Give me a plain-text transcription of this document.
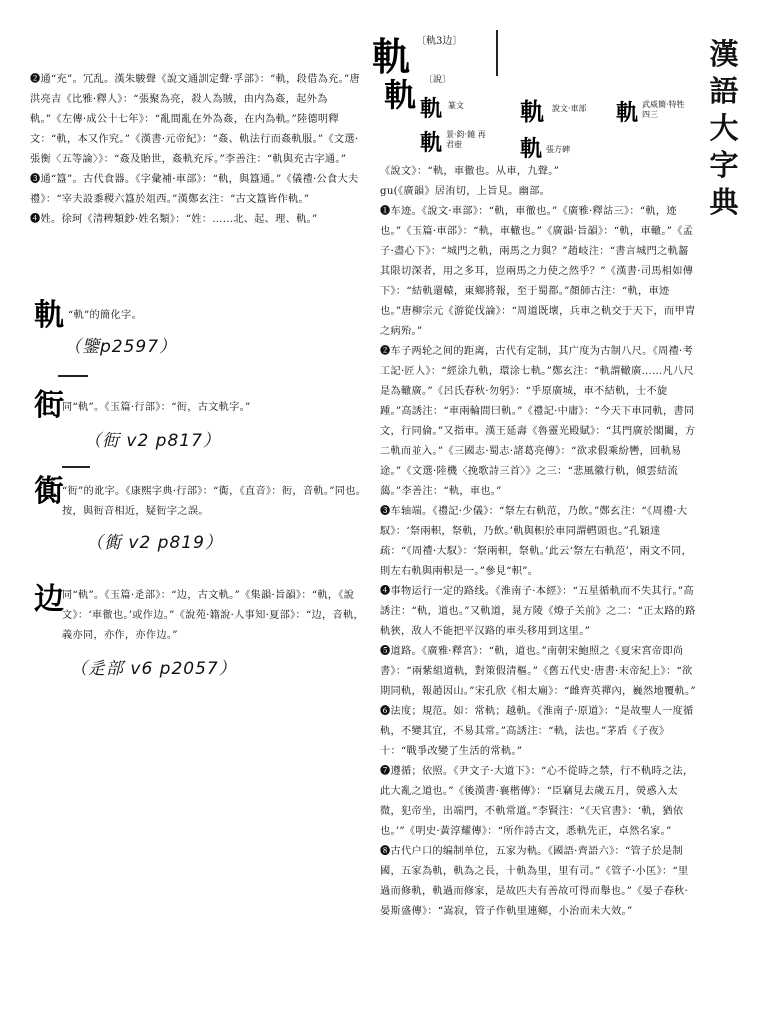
漢
語
大
字
典
軌 〔軌3边〕
軌 〔說〕
軌 篆文 軌 說文·車部 軌 武威簡·特牲四三
軌 景·鈞·鐃 再君壺	軌 張方碑
《說文》：“軌，車徹也。从車，九聲。”
gu(《廣韻》居洧切，上旨見。幽部。
❶车迹。《說文·車部》：“軌，車徹也。”《廣雅·釋詁三》：“軌，迹也。”《玉篇·車部》：“軌，車轍也。”《廣韻·旨韻》：“軌，車轍。”《孟子·盡心下》：“城門之軌，兩馬之力與？”趙岐注：“書言城門之軌齧其限切深者，用之多耳，豈兩馬之力使之然乎？”《漢書·司馬相如傳下》：“結軌還轅，東鄉將報，至于蜀都。”顏師古注：“軌，車迹也。”唐柳宗元《游從伐論》：“周道既壞，兵車之軌交于天下，而甲胄之病殆。”
❷车子两轮之间的距离，古代有定制，其广度为古制八尺。《周禮·考工記·匠人》：“經涂九軌，環涂七軌。”鄭玄注：“軌謂轍廣……凡八尺是為轍廣。”《呂氏春秋·勿躬》：“乎原廣城，車不結軌，士不旋踵。”高誘注：“車兩輪間曰軌。”《禮記·中庸》：“今天下車同軌，書同文，行同倫。”又指車。漢王延壽《魯靈光殿賦》：“其門廣於閣闔，方二軌而並入。”《三國志·蜀志·諸葛亮傳》：“欲求假乘紛轡，回軌易途。”《文選·陸機〈挽歌詩三首〉》之三：“悲風徽行軌，傾雲結流藹。”李善注：“軌，車也。”
❸车轴端。《禮記·少儀》：“祭左右軌范，乃飲。”鄭玄注：“《周禮·大馭》：‘祭兩軹，祭軌，乃飲。’軌與軹於車同謂轊頭也。”孔穎達疏：“《周禮·大馭》：‘祭兩軹，祭軌。’此云‘祭左右軌范’，兩文不同，則左右軌與兩軹是一。”參見“軹”。
❹事物运行一定的路线。《淮南子·本經》：“五星循軌而不失其行。”高誘注：“軌，道也。”又軌道，晁方陵《燎子关前》之二：“正太路的路軌狹，敌人不能把平汉路的車头移用到这里。”
❺道路。《廣雅·釋宮》：“軌，道也。”南朝宋鮑照之《夏宋宮帝即尚書》：“兩紫組道軌，對策假清樞。”《舊五代史·唐書·末帝紀上》：“欲期同軌，報趙因山。”宋孔欣《相太廟》：“雌齊英禪內，巍然地覆軌。”
❻法度；規范。如：常軌；越軌。《淮南子·原道》：“是故聖人一度循軌，不變其宜，不易其常。”高誘注：“軌，法也。”茅盾《子夜》十：“戰爭改變了生活的常軌。”
❼遵循；依照。《尹文子·大道下》：“心不從時之禁，行不軌時之法，此大亂之道也。”《後漢書·襄楷傳》：“臣竊見去歲五月，熒惑入太微，犯帝坐，出端門，不軌常道。”李賢注：“《天官書》：‘軌，猶依也。’”《明史·黃淳耀傳》：“所作詩古文，悉軌先正，卓然名家。”
❽古代户口的编制单位，五家为軌。《國語·齊語六》：“管子於是制國，五家為軌，軌為之長，十軌為里，里有司。”《管子·小匡》：“里過而修軌，軌過而修家，是故匹夫有善故可得而舉也。”《晏子春秋·晏斯盛傳》：“嵩寂，管子作軌里連鄉，小治而未大效。”
❷通“充”。冗乱。漢朱駿聲《說文通訓定聲·孚部》：“軌，段借為充。”唐洪亮吉《比雅·釋人》：“張聚為亮，殺人為賊，由内為姦，起外為軌。”《左傳·成公十七年》：“亂間亂在外為姦，在内為軌。”陸德明釋文：“軌，本又作究。”《漢書·元帝紀》：“姦、軌法行而姦軌服。”《文選·張衡〈五等論〉》：“姦及貽世，姦軌充斥。”李善注：“軌與充古字通。”
❸通“簋”。古代食器。《字彙補·車部》：“軌，與簋通。”《儀禮·公食大夫禮》：“宰夫設黍稷六簋於俎西。”漢鄭玄注：“古文簋皆作軌。”
❹姓。徐珂《清稗類鈔·姓名類》：“姓：……北、起、理、軌。”
軌 “軌”的簡化字。
（鑒p2597）
衐
同“軌”。《玉篇·行部》：“衐，古文軌字。”
（衐 v2 p817）
衠
“衐”的讹字。《康熙字典·行部》：“衠，《直音》：衐，音軌。”同也。按，與衐音相近，疑衐字之誤。
（衠 v2 p819）
边
同“軌”。《玉篇·辵部》：“边，古文軌。”《集韻·旨韻》：“軌，《說文》：‘車徹也。’或作边。”《說苑·籍說·人事知·夏部》：“边，音軌，義亦同，亦作，亦作边。”
（辵部 v6 p2057）
